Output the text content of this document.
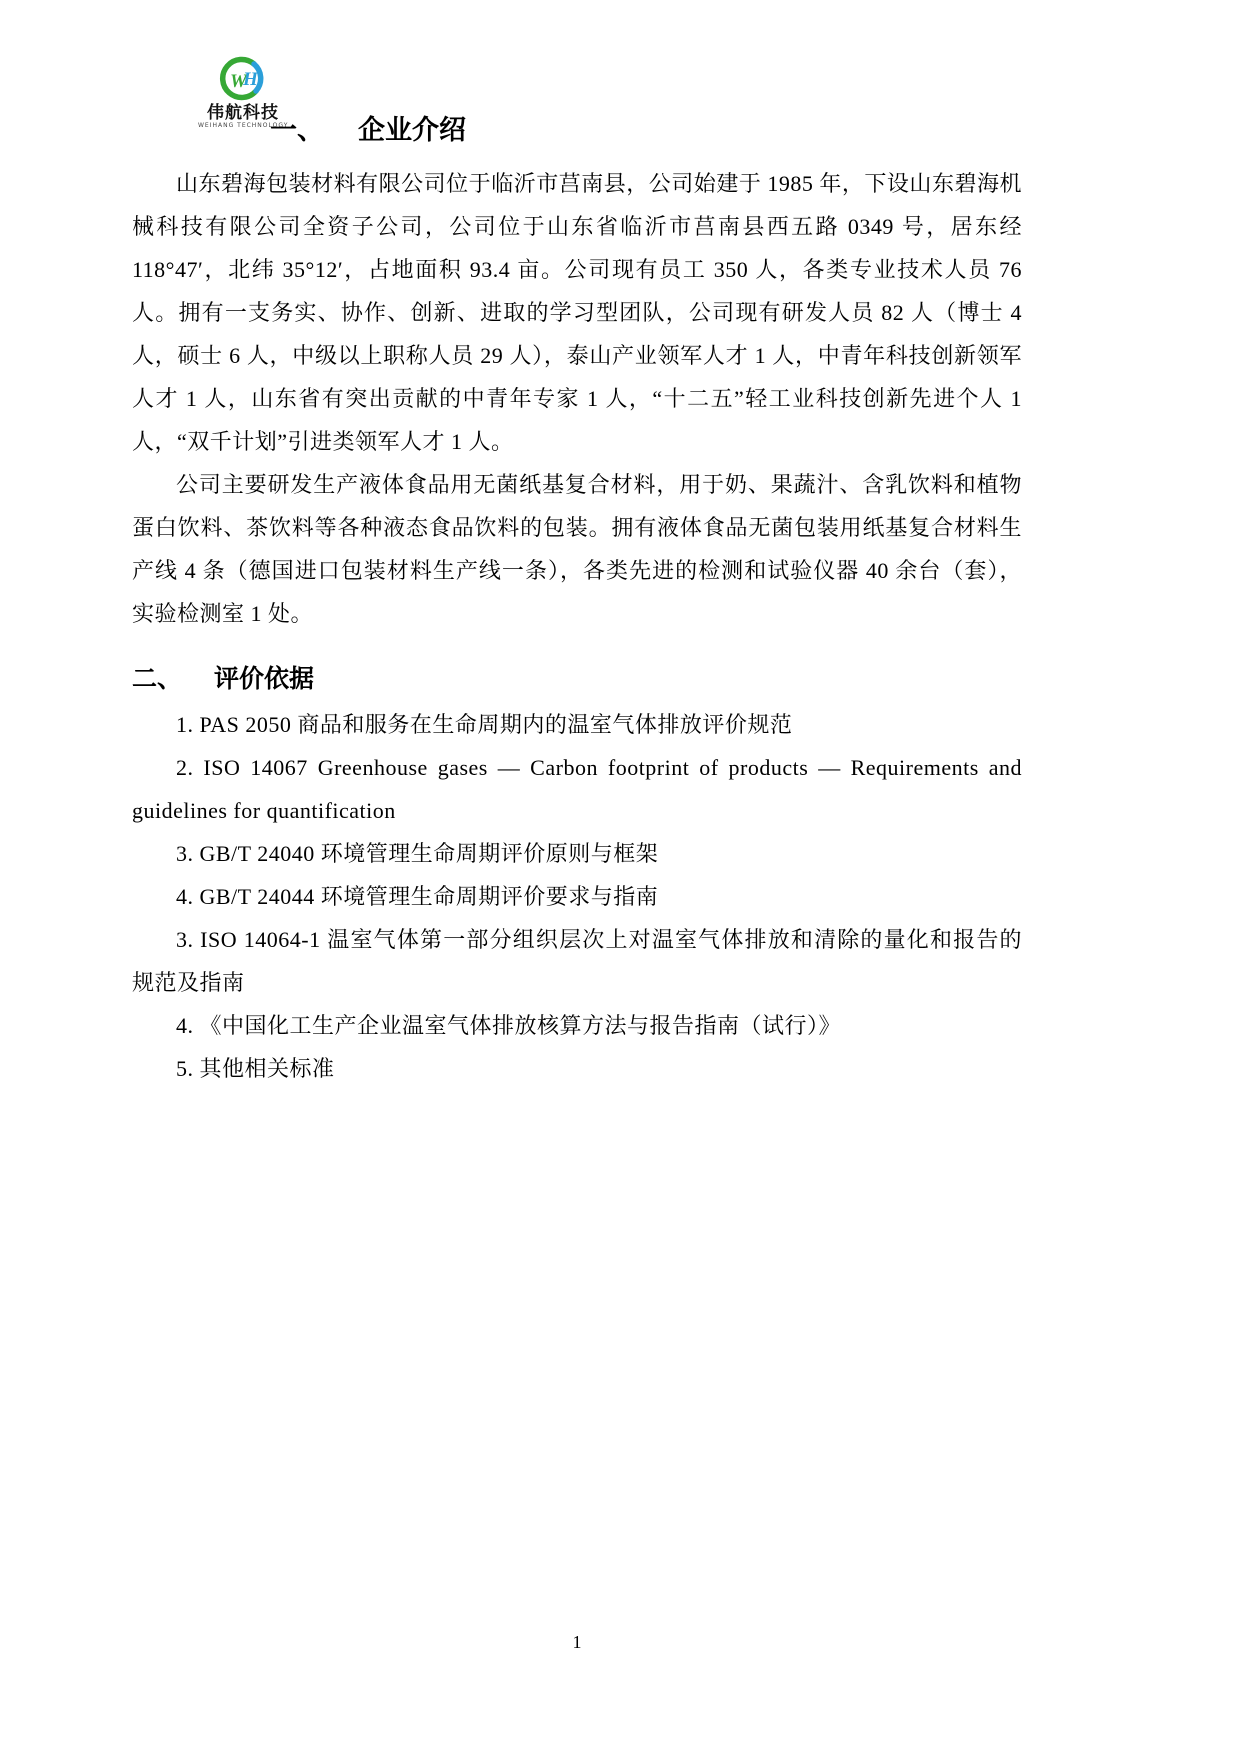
W
H
伟航科技
WEIHANG TECHNOLOGY
一、 企业介绍

山东碧海包装材料有限公司位于临沂市莒南县，公司始建于 1985 年，下设山东碧海机械科技有限公司全资子公司，公司位于山东省临沂市莒南县西五路 0349 号，居东经 118°47′，北纬 35°12′，占地面积 93.4 亩。公司现有员工 350 人，各类专业技术人员 76 人。拥有一支务实、协作、创新、进取的学习型团队，公司现有研发人员 82 人（博士 4 人，硕士 6 人，中级以上职称人员 29 人），泰山产业领军人才 1 人，中青年科技创新领军人才 1 人，山东省有突出贡献的中青年专家 1 人，“十二五”轻工业科技创新先进个人 1 人，“双千计划”引进类领军人才 1 人。

公司主要研发生产液体食品用无菌纸基复合材料，用于奶、果蔬汁、含乳饮料和植物蛋白饮料、茶饮料等各种液态食品饮料的包装。拥有液体食品无菌包装用纸基复合材料生产线 4 条（德国进口包装材料生产线一条），各类先进的检测和试验仪器 40 余台（套），实验检测室 1 处。

二、 评价依据

1. PAS 2050 商品和服务在生命周期内的温室气体排放评价规范

2. ISO 14067 Greenhouse gases — Carbon footprint of products — Requirements and guidelines for quantification

3. GB/T 24040 环境管理生命周期评价原则与框架

4. GB/T 24044 环境管理生命周期评价要求与指南

3. ISO 14064-1 温室气体第一部分组织层次上对温室气体排放和清除的量化和报告的规范及指南

4. 《中国化工生产企业温室气体排放核算方法与报告指南（试行）》

5. 其他相关标准

1
